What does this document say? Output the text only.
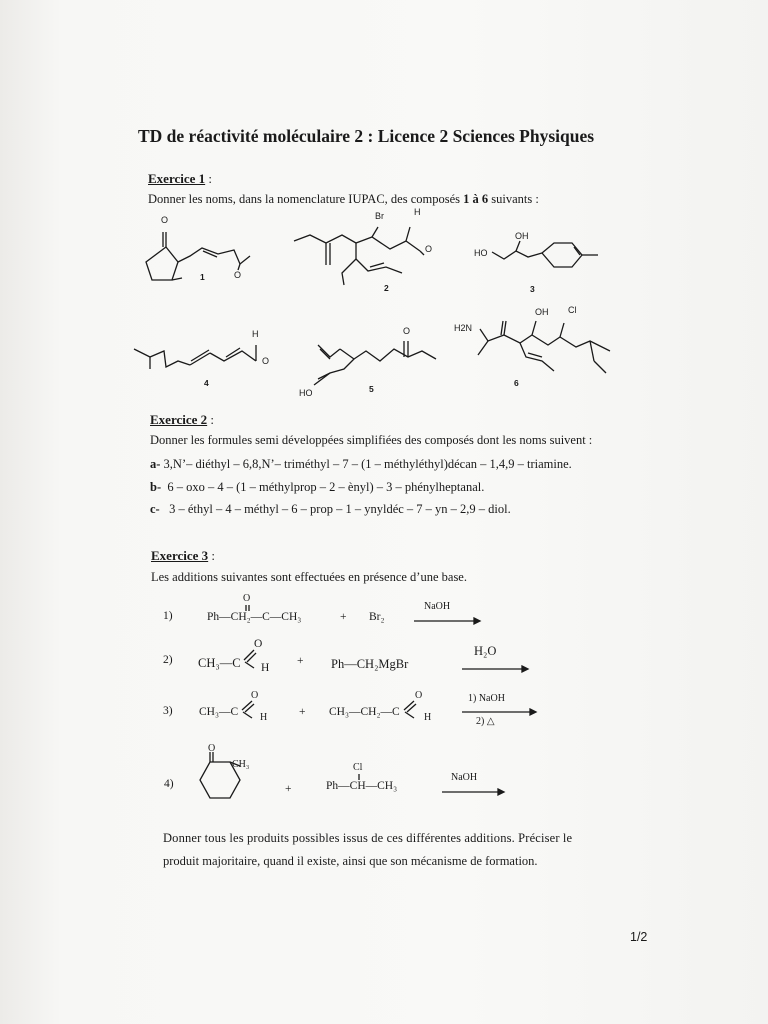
TD de réactivité moléculaire 2 : Licence 2 Sciences Physiques
Exercice 1 :
Donner les noms, dans la nomenclature IUPAC, des composés 1 à 6 suivants :
O
O
1
Br	H
O
2
OH
HO
3
H
O
4
O
HO	5
H2N
OH Cl
6
Exercice 2 :
Donner les formules semi développées simplifiées des composés dont les noms suivent :
a- 3,N’– diéthyl – 6,8,N’– triméthyl – 7 – (1 – méthyléthyl)décan – 1,4,9 – triamine.
b- 6 – oxo – 4 – (1 – méthylprop – 2 – ènyl) – 3 – phénylheptanal.
c- 3 – éthyl – 4 – méthyl – 6 – prop – 1 – ynyldéc – 7 – yn – 2,9 – diol.
Exercice 3 :
Les additions suivantes sont effectuées en présence d’une base.
1)
O
Ph—CH₂—C—CH₃	+ Br₂
NaOH
2) CH₃—C
O
H
+ Ph—CH₂MgBr
H₂O
3) CH₃—C
O
H	+ CH₃—CH₂—C
O
H
1) NaOH
2) △
4)
O
CH₃
+
Cl
Ph—CH—CH₃
NaOH
Donner tous les produits possibles issus de ces différentes additions. Préciser le
produit majoritaire, quand il existe, ainsi que son mécanisme de formation.
1/2
